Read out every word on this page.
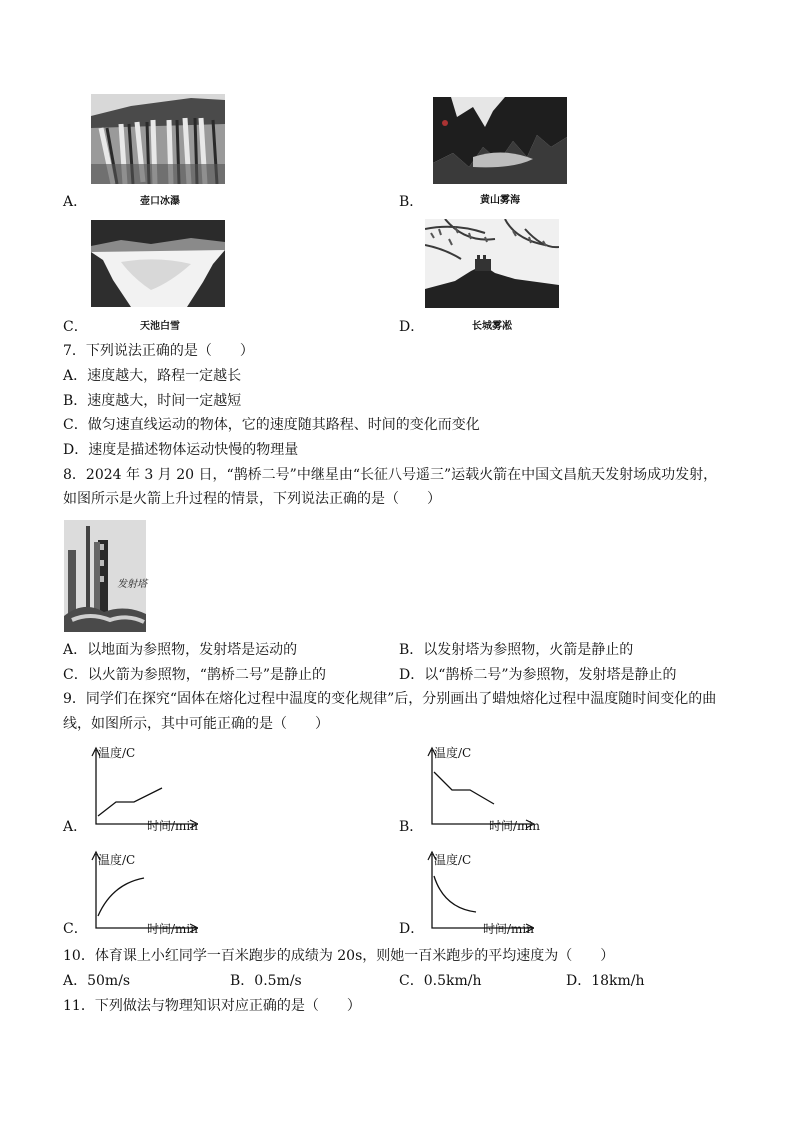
壶口冰瀑
A．	黄山雾海
B．
天池白雪
C．	长城雾凇
D．
7．下列说法正确的是（　　）
A．速度越大，路程一定越长
B．速度越大，时间一定越短
C．做匀速直线运动的物体，它的速度随其路程、时间的变化而变化
D．速度是描述物体运动快慢的物理量
8．2024 年 3 月 20 日，“鹊桥二号”中继星由“长征八号遥三”运载火箭在中国文昌航天发射场成功发射，
如图所示是火箭上升过程的情景，下列说法正确的是（　　）
发射塔
A．以地面为参照物，发射塔是运动的	B．以发射塔为参照物，火箭是静止的
C．以火箭为参照物，“鹊桥二号”是静止的	D．以“鹊桥二号”为参照物，发射塔是静止的
9．同学们在探究“固体在熔化过程中温度的变化规律”后，分别画出了蜡烛熔化过程中温度随时间变化的曲
线，如图所示，其中可能正确的是（　　）
温度/C
时间/min
A．
温度/C
时间/min
B．
温度/C
时间/min
C．
温度/C
时间/min
D．
10．体育课上小红同学一百米跑步的成绩为 20s，则她一百米跑步的平均速度为（　　）
A．50m/s	B．0.5m/s	C．0.5km/h	D．18km/h
11．下列做法与物理知识对应正确的是（　　）
